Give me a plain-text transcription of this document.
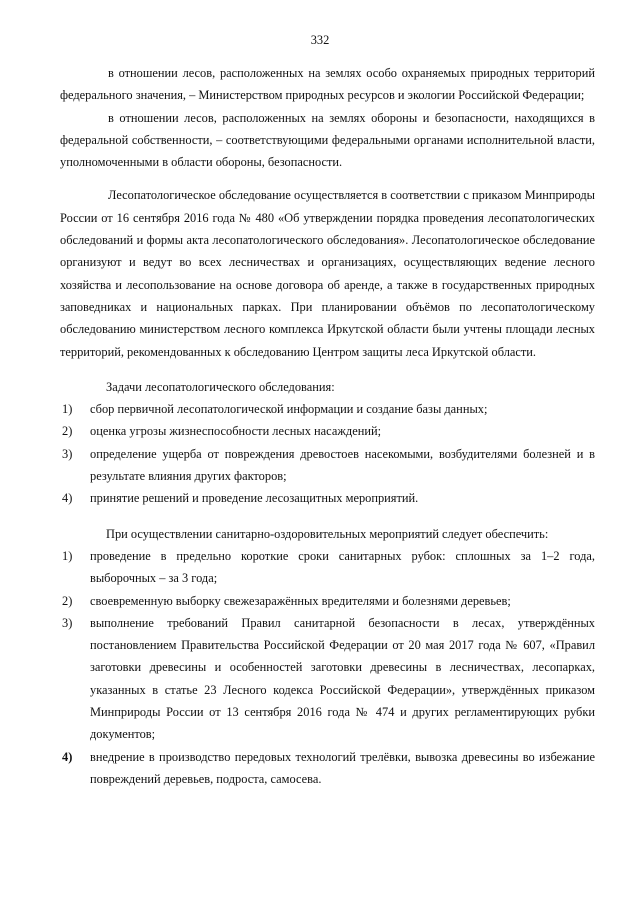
332

в отношении лесов, расположенных на землях особо охраняемых природных территорий федерального значения, – Министерством природных ресурсов и экологии Российской Федерации;

в отношении лесов, расположенных на землях обороны и безопасности, находящихся в федеральной собственности, – соответствующими федеральными органами исполнительной власти, уполномоченными в области обороны, безопасности.

Лесопатологическое обследование осуществляется в соответствии с приказом Минприроды России от 16 сентября 2016 года № 480 «Об утверждении порядка проведения лесопатологических обследований и формы акта лесопатологического обследования». Лесопатологическое обследование организуют и ведут во всех лесничествах и организациях, осуществляющих ведение лесного хозяйства и лесопользование на основе договора об аренде, а также в государственных природных заповедниках и национальных парках. При планировании объёмов по лесопатологическому обследованию министерством лесного комплекса Иркутской области были учтены площади лесных территорий, рекомендованных к обследованию Центром защиты леса Иркутской области.

Задачи лесопатологического обследования:

1) сбор первичной лесопатологической информации и создание базы данных;
2) оценка угрозы жизнеспособности лесных насаждений;
3) определение ущерба от повреждения древостоев насекомыми, возбудителями болезней и в результате влияния других факторов;
4) принятие решений и проведение лесозащитных мероприятий.

При осуществлении санитарно-оздоровительных мероприятий следует обеспечить:

1) проведение в предельно короткие сроки санитарных рубок: сплошных за 1–2 года, выборочных – за 3 года;
2) своевременную выборку свежезаражённых вредителями и болезнями деревьев;
3) выполнение требований Правил санитарной безопасности в лесах, утверждённых постановлением Правительства Российской Федерации от 20 мая 2017 года № 607, «Правил заготовки древесины и особенностей заготовки древесины в лесничествах, лесопарках, указанных в статье 23 Лесного кодекса Российской Федерации», утверждённых приказом Минприроды России от 13 сентября 2016 года № 474 и других регламентирующих рубки документов;
4) внедрение в производство передовых технологий трелёвки, вывозка древесины во избежание повреждений деревьев, подроста, самосева.
